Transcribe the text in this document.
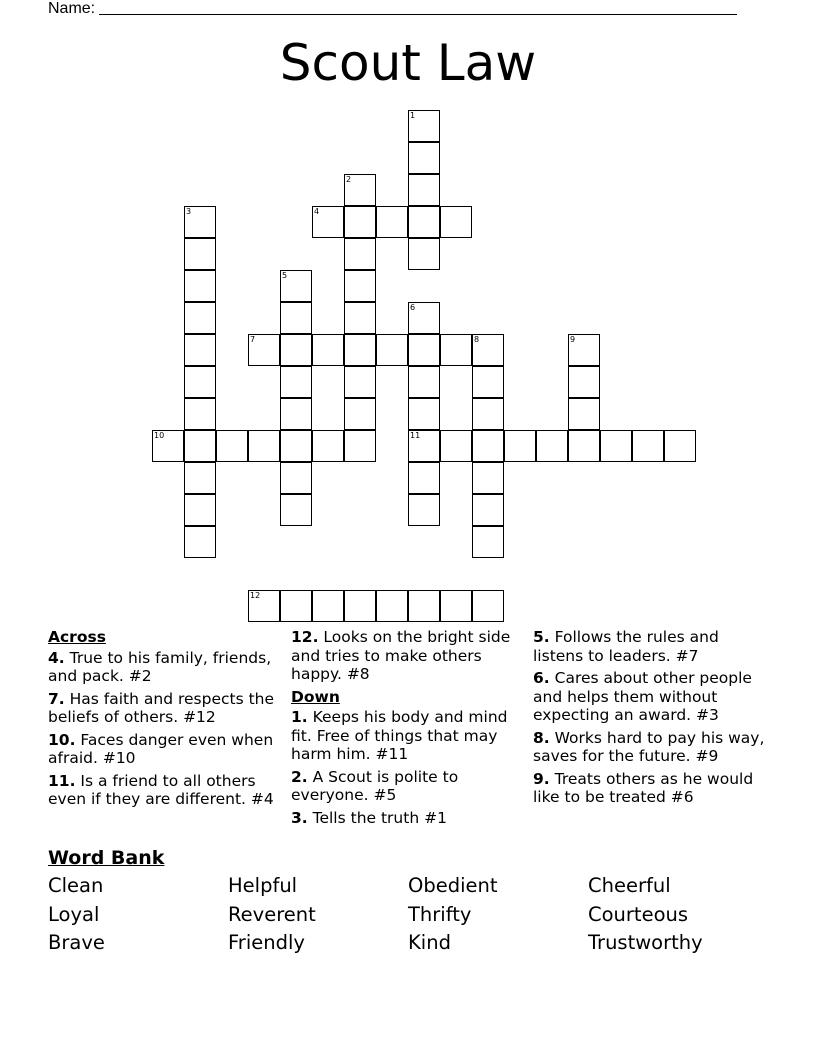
Name:
Scout Law
1
2
3	4
5
6
11
7	8	9
10
12
Across
4. True to his family, friends, and pack. #2
7. Has faith and respects the beliefs of others. #12
10. Faces danger even when afraid. #10
11. Is a friend to all others even if they are different. #4
12. Looks on the bright side and tries to make others happy. #8
Down
1. Keeps his body and mind fit. Free of things that may harm him. #11
2. A Scout is polite to everyone. #5
3. Tells the truth #1
5. Follows the rules and listens to leaders. #7
6. Cares about other people and helps them without expecting an award. #3
8. Works hard to pay his way, saves for the future. #9
9. Treats others as he would like to be treated #6
Word Bank
Clean	Helpful	Obedient	Cheerful
Loyal	Reverent	Thrifty	Courteous
Brave	Friendly	Kind	Trustworthy
